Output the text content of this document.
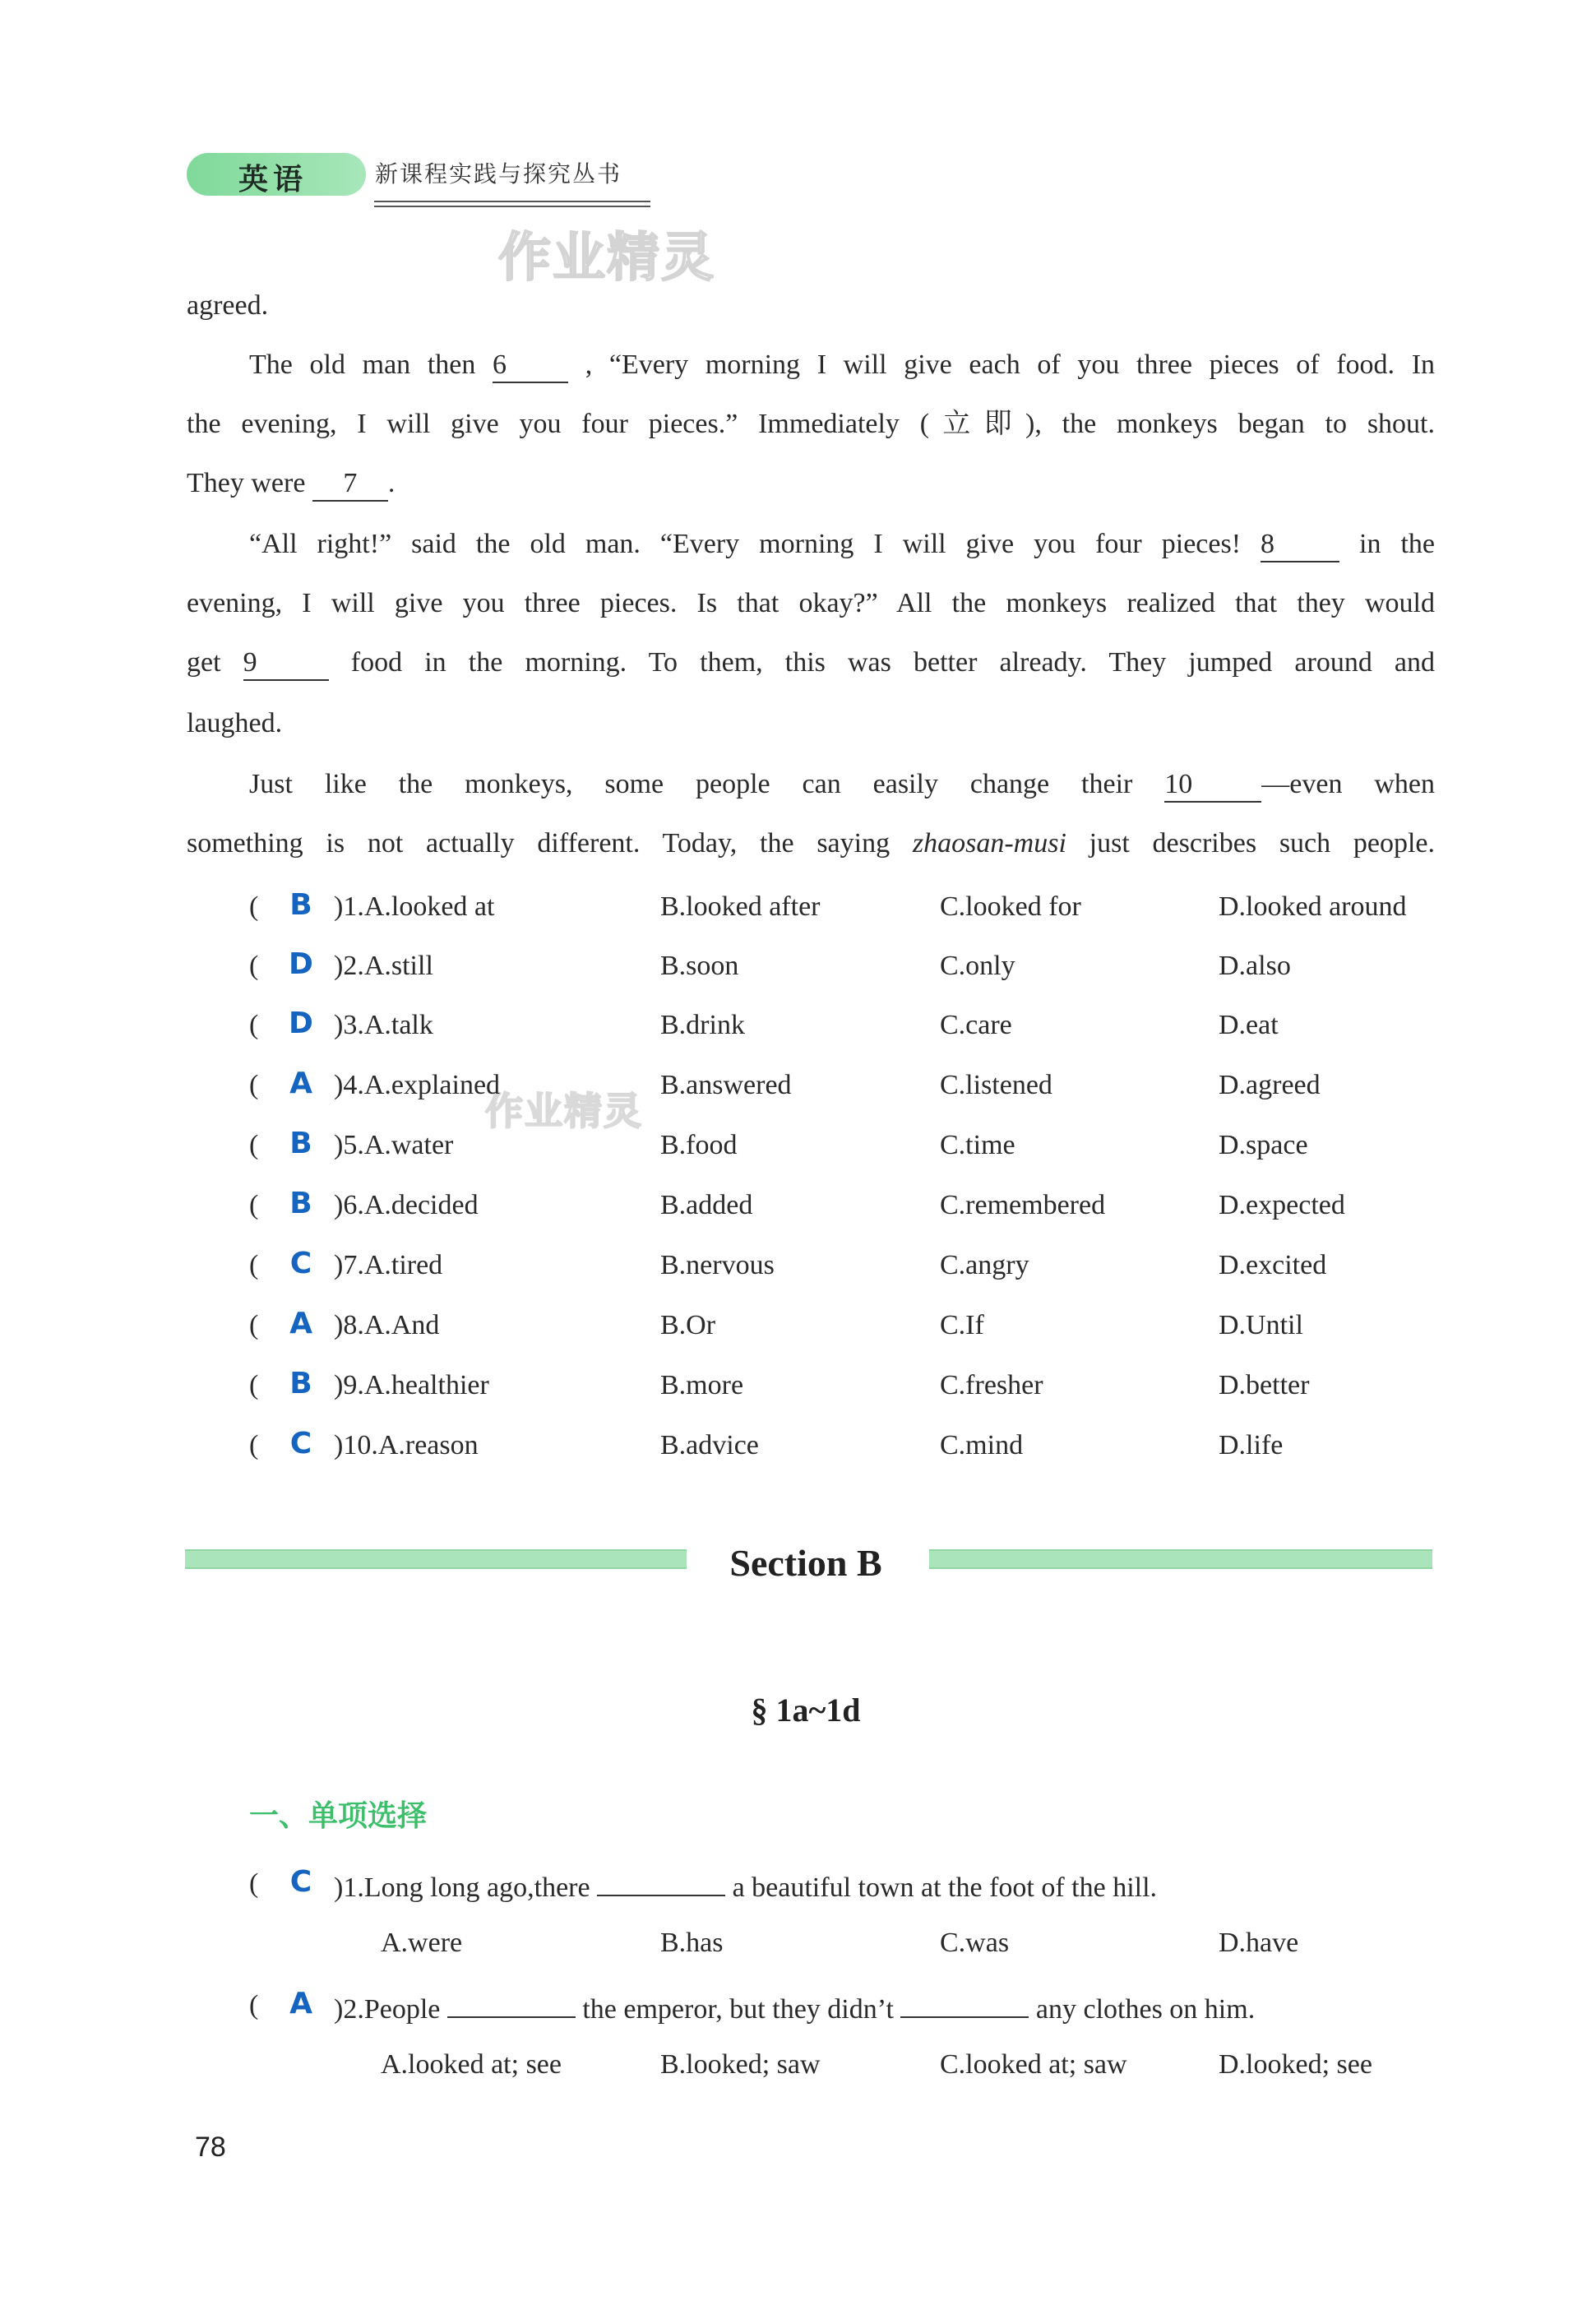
英语	新课程实践与探究丛书
作业精灵
作业精灵
agreed.
The old man then 6	, “Every morning I will give each of you three pieces of food. In
the evening, I will give you four pieces.” Immediately (立即), the monkeys began to shout.
They were 7 .
“All right!” said the old man. “Every morning I will give you four pieces! 8	in the
evening, I will give you three pieces. Is that okay?” All the monkeys realized that they would
get 9	food in the morning. To them, this was better already. They jumped around and
laughed.
Just like the monkeys, some people can easily change their 10 —even when
something is not actually different. Today, the saying zhaosan-musi just describes such people.
( B )1.A.looked at	B.looked after	C.looked for	D.looked around
( D )2.A.still	B.soon	C.only	D.also
( D )3.A.talk	B.drink	C.care	D.eat
( A )4.A.explained	B.answered	C.listened	D.agreed
( B )5.A.water	B.food	C.time	D.space
( B )6.A.decided	B.added	C.remembered	D.expected
( C )7.A.tired	B.nervous	C.angry	D.excited
( A )8.A.And	B.Or	C.If	D.Until
( B )9.A.healthier	B.more	C.fresher	D.better
( C )10.A.reason	B.advice	C.mind	D.life
Section B
§ 1a~1d
一、单项选择
( C )1.Long long ago,there	a beautiful town at the foot of the hill.
A.were	B.has	C.was	D.have
( A )2.People	the emperor, but they didn’t	any clothes on him.
A.looked at; see	B.looked; saw	C.looked at; saw	D.looked; see
78
